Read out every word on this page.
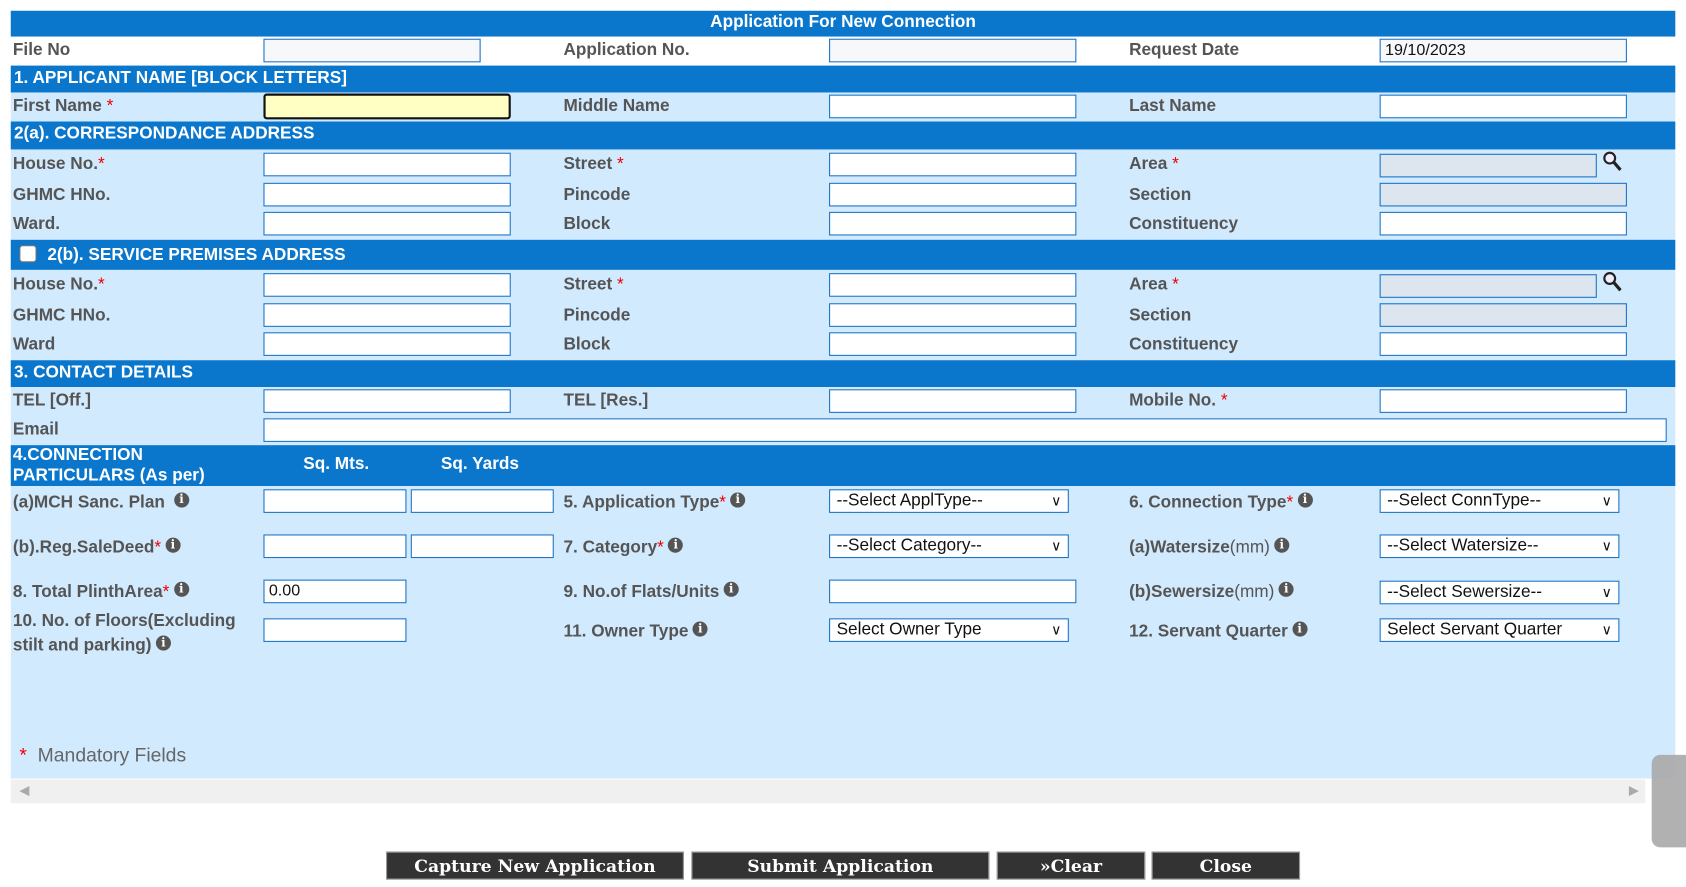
Application For New Connection
File No	Application No.	Request Date	19/10/2023
1. APPLICANT NAME [BLOCK LETTERS]
First Name *	Middle Name	Last Name
2(a). CORRESPONDANCE ADDRESS
House No.*	Street *	Area *
GHMC HNo.	Pincode	Section
Ward.	Block	Constituency
2(b). SERVICE PREMISES ADDRESS
House No.*	Street *	Area *
GHMC HNo.	Pincode	Section
Ward	Block	Constituency
3. CONTACT DETAILS
TEL [Off.]	TEL [Res.]	Mobile No. *
Email
4.CONNECTION
PARTICULARS (As per)
Sq. Mts.	Sq. Yards
(a)MCH Sanc. Plan i	5. Application Type* i	--Select ApplType--	∨	6. Connection Type* i	--Select ConnType--	∨
(b).Reg.SaleDeed* i	7. Category* i	--Select Category--	∨	(a)Watersize(mm) i	--Select Watersize--	∨
8. Total PlinthArea* i	0.00	9. No.of Flats/Units i	(b)Sewersize(mm) i	--Select Sewersize--	∨
10. No. of Floors(Excluding
stilt and parking) i
11. Owner Type i	Select Owner Type	∨	12. Servant Quarter i	Select Servant Quarter	∨
* Mandatory Fields
◀	▶
Capture New Application	Submit Application	»Clear	Close
